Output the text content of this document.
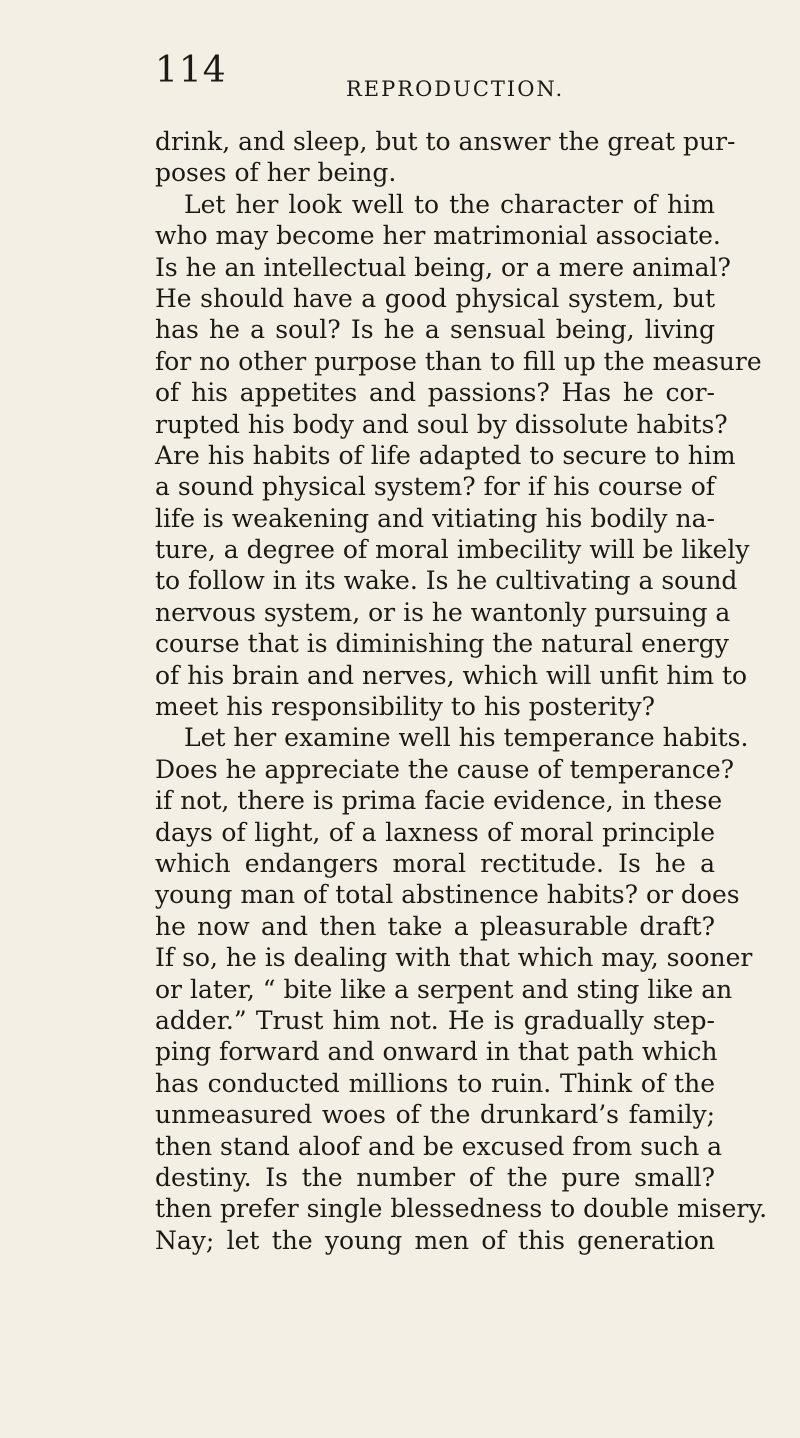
114	REPRODUCTION.
drink, and sleep, but to answer the great pur-
poses of her being.
Let her look well to the character of him
who may become her matrimonial associate.
Is he an intellectual being, or a mere animal?
He should have a good physical system, but
has he a soul? Is he a sensual being, living
for no other purpose than to fill up the measure
of his appetites and passions? Has he cor-
rupted his body and soul by dissolute habits?
Are his habits of life adapted to secure to him
a sound physical system? for if his course of
life is weakening and vitiating his bodily na-
ture, a degree of moral imbecility will be likely
to follow in its wake. Is he cultivating a sound
nervous system, or is he wantonly pursuing a
course that is diminishing the natural energy
of his brain and nerves, which will unfit him to
meet his responsibility to his posterity?
Let her examine well his temperance habits.
Does he appreciate the cause of temperance?
if not, there is prima facie evidence, in these
days of light, of a laxness of moral principle
which endangers moral rectitude. Is he a
young man of total abstinence habits? or does
he now and then take a pleasurable draft?
If so, he is dealing with that which may, sooner
or later, “ bite like a serpent and sting like an
adder.” Trust him not. He is gradually step-
ping forward and onward in that path which
has conducted millions to ruin. Think of the
unmeasured woes of the drunkard’s family;
then stand aloof and be excused from such a
destiny. Is the number of the pure small?
then prefer single blessedness to double misery.
Nay; let the young men of this generation
